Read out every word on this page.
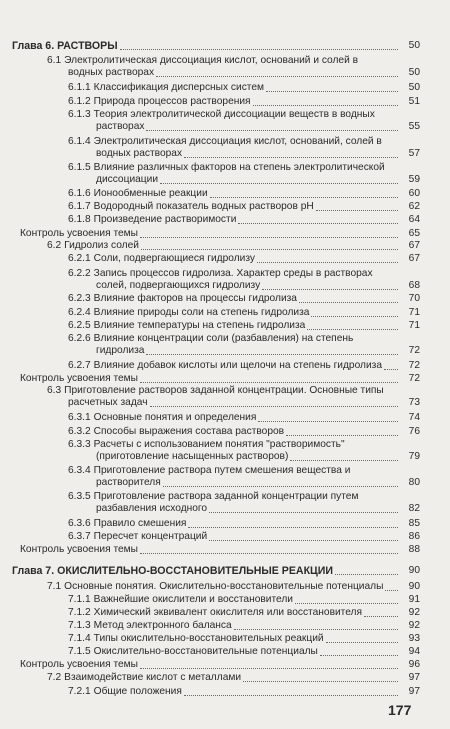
Глава 6. РАСТВОРЫ	50
6.1 Электролитическая диссоциация кислот, оснований и солей в
водных растворах	50
6.1.1 Классификация дисперсных систем	50
6.1.2 Природа процессов растворения	51
6.1.3 Теория электролитической диссоциации веществ в водных
растворах	55
6.1.4 Электролитическая диссоциация кислот, оснований, солей в
водных растворах	57
6.1.5 Влияние различных факторов на степень электролитической
диссоциации	59
6.1.6 Ионообменные реакции	60
6.1.7 Водородный показатель водных растворов pH	62
6.1.8 Произведение растворимости	64
Контроль усвоения темы	65
6.2 Гидролиз солей	67
6.2.1 Соли, подвергающиеся гидролизу	67
6.2.2 Запись процессов гидролиза. Характер среды в растворах
солей, подвергающихся гидролизу	68
6.2.3 Влияние факторов на процессы гидролиза	70
6.2.4 Влияние природы соли на степень гидролиза	71
6.2.5 Влияние температуры на степень гидролиза	71
6.2.6 Влияние концентрации соли (разбавления) на степень
гидролиза	72
6.2.7 Влияние добавок кислоты или щелочи на степень гидролиза	72
Контроль усвоения темы	72
6.3 Приготовление растворов заданной концентрации. Основные типы
расчетных задач	73
6.3.1 Основные понятия и определения	74
6.3.2 Способы выражения состава растворов	76
6.3.3 Расчеты с использованием понятия "растворимость"
(приготовление насыщенных растворов)	79
6.3.4 Приготовление раствора путем смешения вещества и
растворителя	80
6.3.5 Приготовление раствора заданной концентрации путем
разбавления исходного	82
6.3.6 Правило смешения	85
6.3.7 Пересчет концентраций	86
Контроль усвоения темы	88
Глава 7. ОКИСЛИТЕЛЬНО-ВОССТАНОВИТЕЛЬНЫЕ РЕАКЦИИ	90
7.1 Основные понятия. Окислительно-восстановительные потенциалы	90
7.1.1 Важнейшие окислители и восстановители	91
7.1.2 Химический эквивалент окислителя или восстановителя	92
7.1.3 Метод электронного баланса	92
7.1.4 Типы окислительно-восстановительных реакций	93
7.1.5 Окислительно-восстановительные потенциалы	94
Контроль усвоения темы	96
7.2 Взаимодействие кислот с металлами	97
7.2.1 Общие положения	97
177
